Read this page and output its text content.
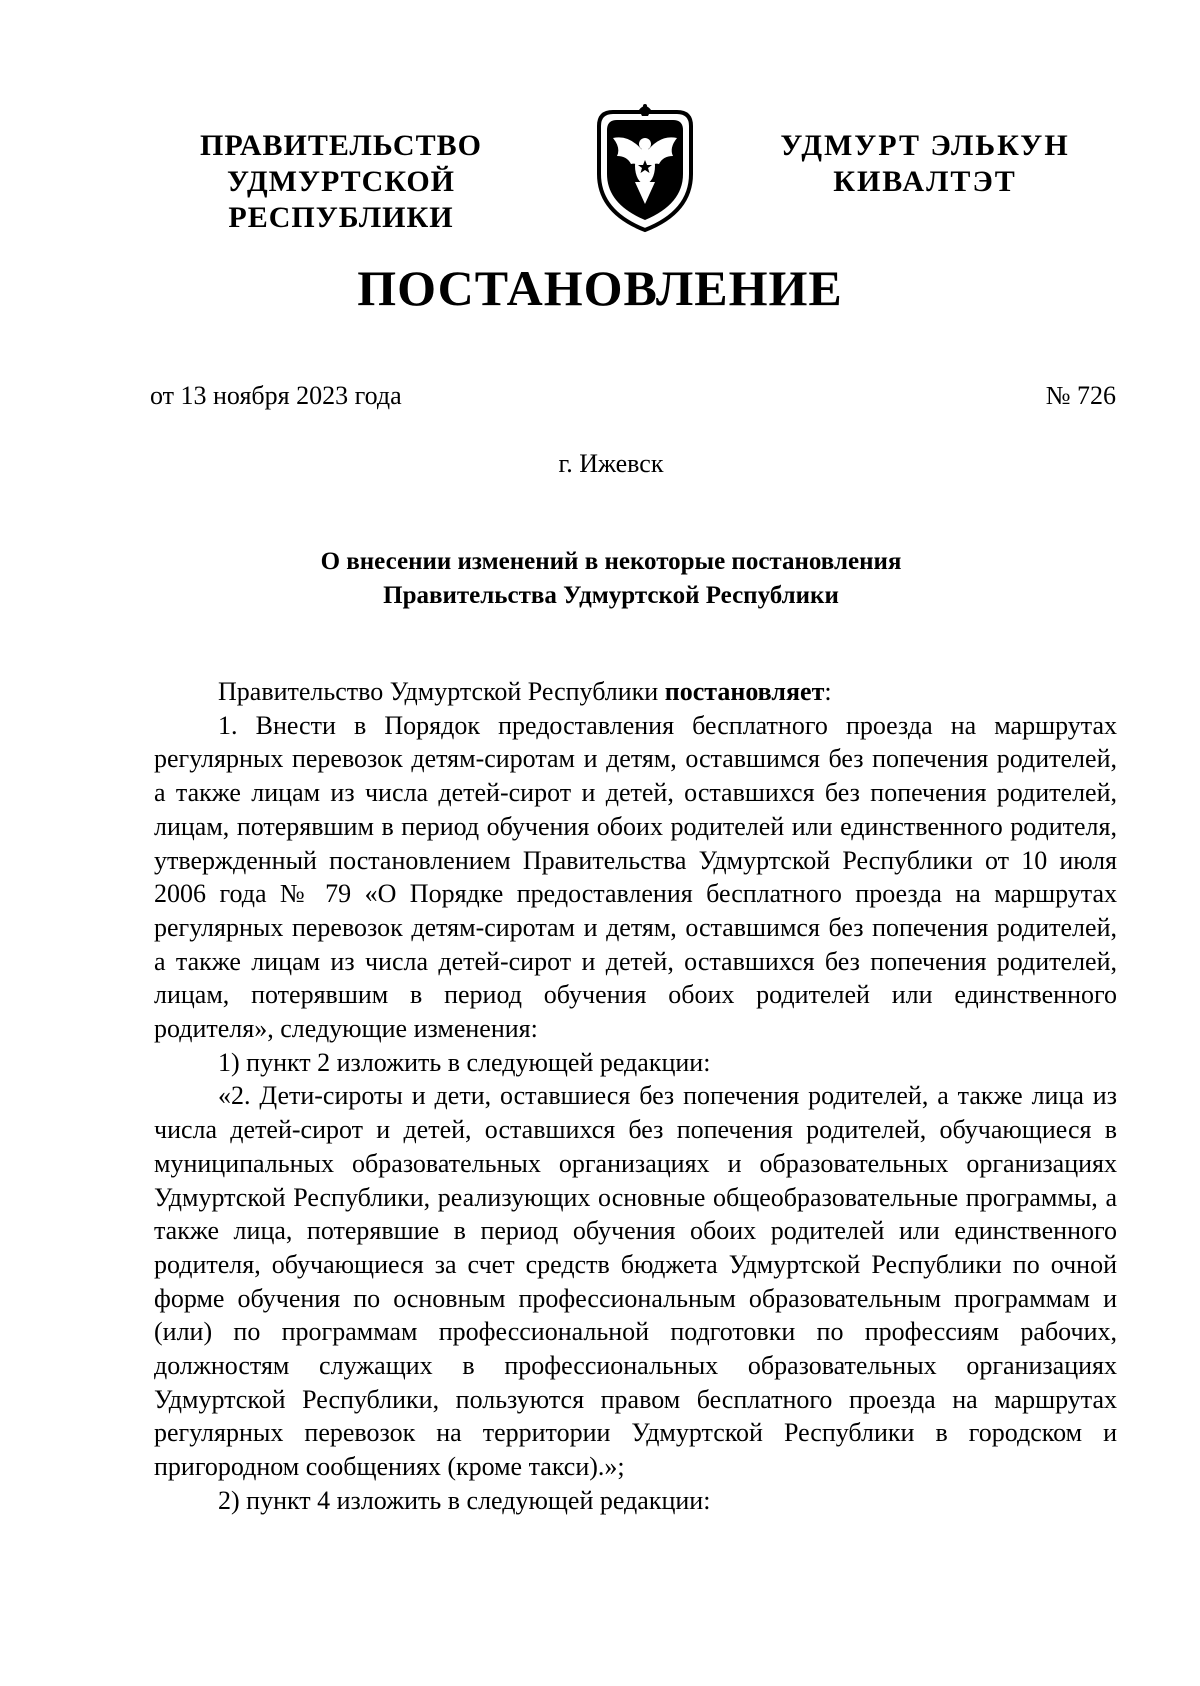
ПРАВИТЕЛЬСТВО
УДМУРТСКОЙ РЕСПУБЛИКИ
УДМУРТ ЭЛЬКУН
КИВАЛТЭТ
ПОСТАНОВЛЕНИЕ
от 13 ноября 2023 года	№ 726
г. Ижевск
О внесении изменений в некоторые постановления
Правительства Удмуртской Республики

Правительство Удмуртской Республики постановляет:

1. Внести в Порядок предоставления бесплатного проезда на маршрутах регулярных перевозок детям-сиротам и детям, оставшимся без попечения родителей, а также лицам из числа детей-сирот и детей, оставшихся без попечения родителей, лицам, потерявшим в период обучения обоих родителей или единственного родителя, утвержденный постановлением Правительства Удмуртской Республики от 10 июля 2006 года № 79 «О Порядке предоставления бесплатного проезда на маршрутах регулярных перевозок детям-сиротам и детям, оставшимся без попечения родителей, а также лицам из числа детей-сирот и детей, оставшихся без попечения родителей, лицам, потерявшим в период обучения обоих родителей или единственного родителя», следующие изменения:

1) пункт 2 изложить в следующей редакции:

«2. Дети-сироты и дети, оставшиеся без попечения родителей, а также лица из числа детей-сирот и детей, оставшихся без попечения родителей, обучающиеся в муниципальных образовательных организациях и образовательных организациях Удмуртской Республики, реализующих основные общеобразовательные программы, а также лица, потерявшие в период обучения обоих родителей или единственного родителя, обучающиеся за счет средств бюджета Удмуртской Республики по очной форме обучения по основным профессиональным образовательным программам и (или) по программам профессиональной подготовки по профессиям рабочих, должностям служащих в профессиональных образовательных организациях Удмуртской Республики, пользуются правом бесплатного проезда на маршрутах регулярных перевозок на территории Удмуртской Республики в городском и пригородном сообщениях (кроме такси).»;

2) пункт 4 изложить в следующей редакции:
